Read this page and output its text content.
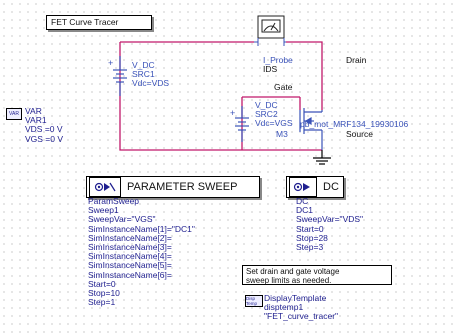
FET Curve Tracer
+
+
VAR VAR
VAR1
VDS =0 V
VGS =0 V
V_DC
SRC1
Vdc=VDS
I_Probe
IDS
Drain
Gate
V_DC
SRC2
Vdc=VGS pb_mot_MRF134_19930106
M3	Source
PARAMETER SWEEP
ParamSweep
Sweep1
SweepVar="VGS"
SimInstanceName[1]="DC1"
SimInstanceName[2]=
SimInstanceName[3]=
SimInstanceName[4]=
SimInstanceName[5]=
SimInstanceName[6]=
Start=0
Stop=10
Step=1
DC
DC
DC1
SweepVar="VDS"
Start=0
Stop=28
Step=3
Set drain and gate voltage
sweep limits as needed.
Disp Temp
DisplayTemplate
disptemp1
"FET_curve_tracer"
